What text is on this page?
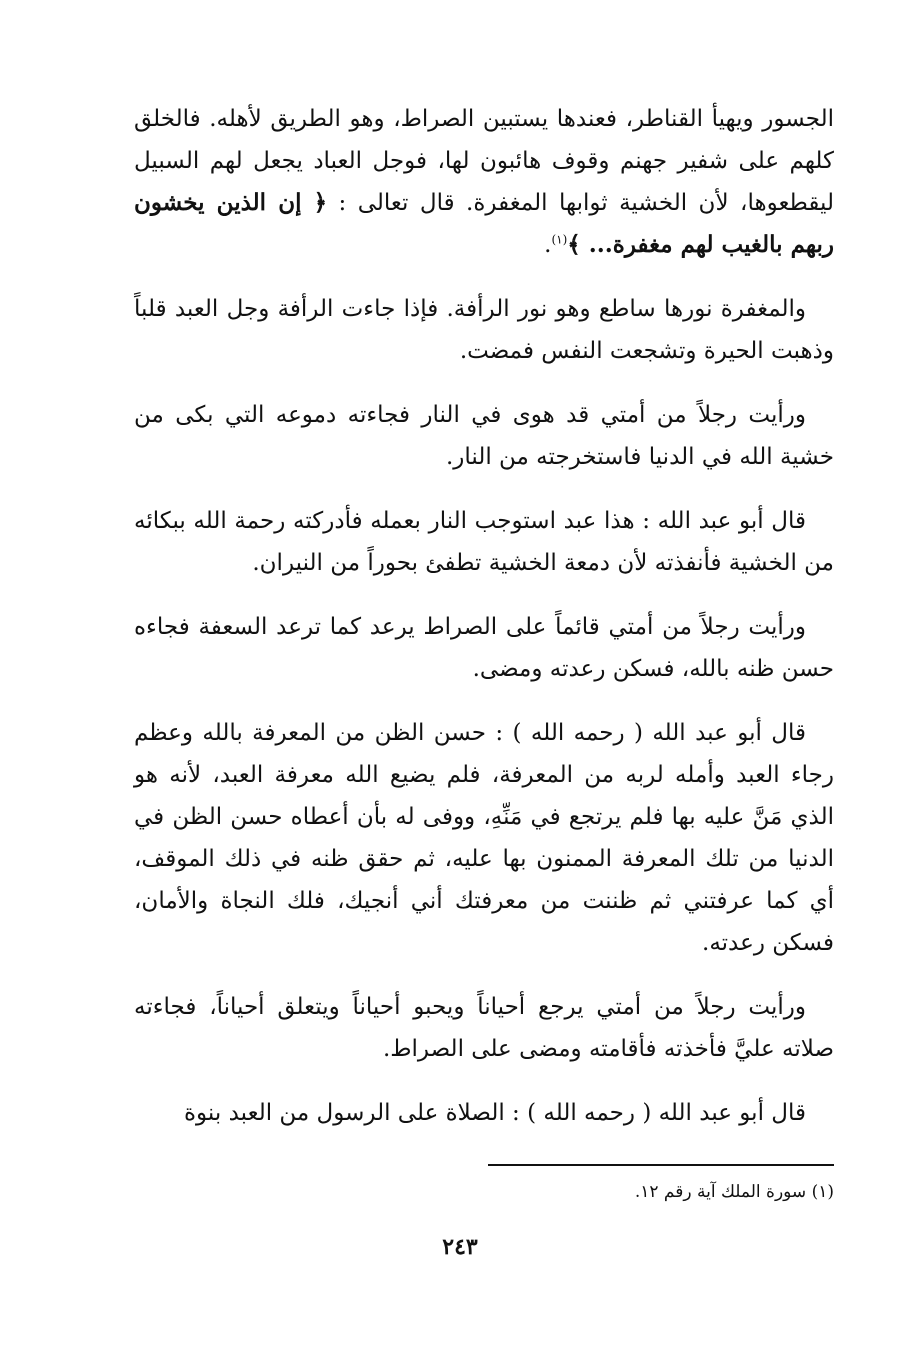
الجسور ويهيأ القناطر، فعندها يستبين الصراط، وهو الطريق لأهله. فالخلق كلهم على شفير جهنم وقوف هائبون لها، فوجل العباد يجعل لهم السبيل ليقطعوها، لأن الخشية ثوابها المغفرة. قال تعالى : ﴿ إن الذين يخشون ربهم بالغيب لهم مغفرة... ﴾$^{(١)}$.

والمغفرة نورها ساطع وهو نور الرأفة. فإذا جاءت الرأفة وجل العبد قلباً وذهبت الحيرة وتشجعت النفس فمضت.

ورأيت رجلاً من أمتي قد هوى في النار فجاءته دموعه التي بكى من خشية الله في الدنيا فاستخرجته من النار.

قال أبو عبد الله : هذا عبد استوجب النار بعمله فأدركته رحمة الله ببكائه من الخشية فأنفذته لأن دمعة الخشية تطفئ بحوراً من النيران.

ورأيت رجلاً من أمتي قائماً على الصراط يرعد كما ترعد السعفة فجاءه حسن ظنه بالله، فسكن رعدته ومضى.

قال أبو عبد الله ( رحمه الله ) : حسن الظن من المعرفة بالله وعظم رجاء العبد وأمله لربه من المعرفة، فلم يضيع الله معرفة العبد، لأنه هو الذي مَنَّ عليه بها فلم يرتجع في مَنِّهِ، ووفى له بأن أعطاه حسن الظن في الدنيا من تلك المعرفة الممنون بها عليه، ثم حقق ظنه في ذلك الموقف، أي كما عرفتني ثم ظننت من معرفتك أني أنجيك، فلك النجاة والأمان، فسكن رعدته.

ورأيت رجلاً من أمتي يرجع أحياناً ويحبو أحياناً ويتعلق أحياناً، فجاءته صلاته عليَّ فأخذته فأقامته ومضى على الصراط.

قال أبو عبد الله ( رحمه الله ) : الصلاة على الرسول من العبد بنوة

(١) سورة الملك آية رقم ١٢.
٢٤٣
